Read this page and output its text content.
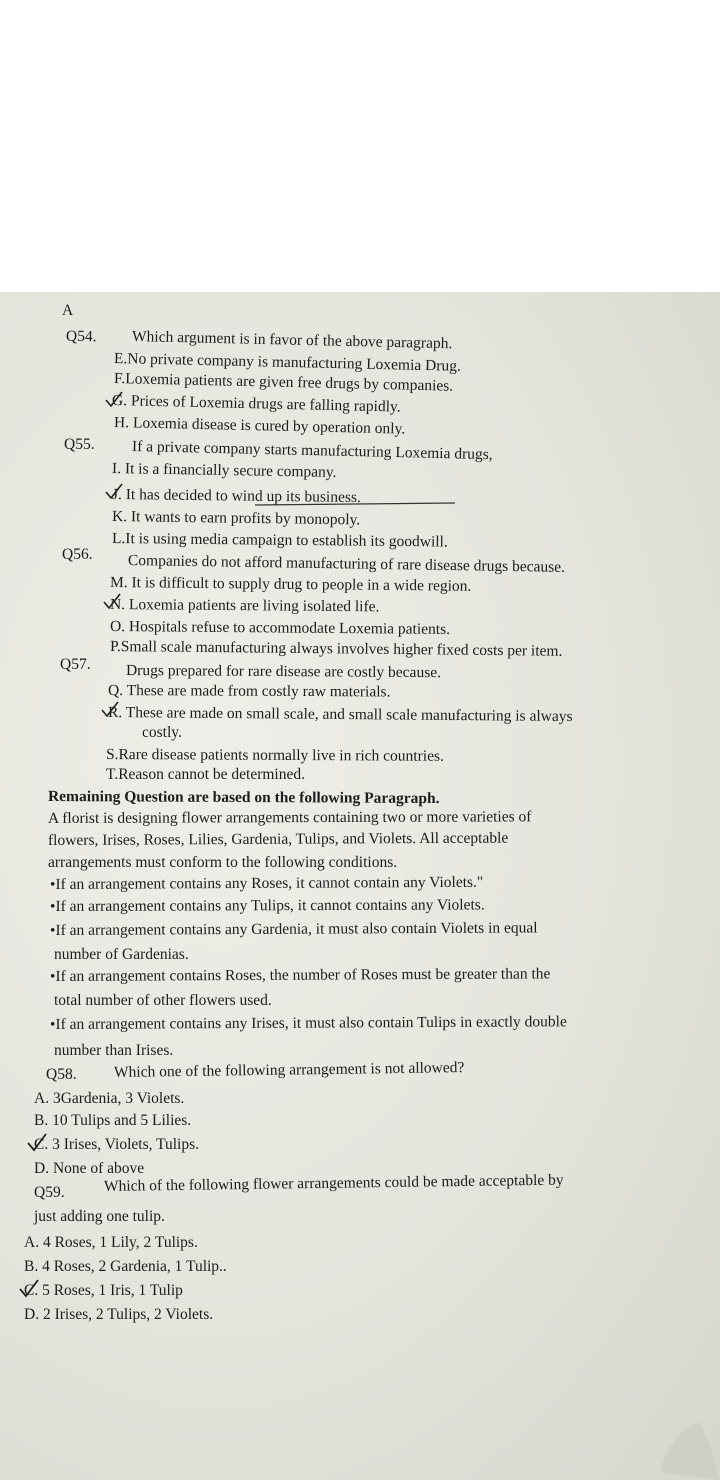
A
Q54. Which argument is in favor of the above paragraph.
E.No private company is manufacturing Loxemia Drug.
F.Loxemia patients are given free drugs by companies.
G. Prices of Loxemia drugs are falling rapidly.
H. Loxemia disease is cured by operation only.
Q55. If a private company starts manufacturing Loxemia drugs,
I. It is a financially secure company.
J. It has decided to wind up its business.
K. It wants to earn profits by monopoly.
L.It is using media campaign to establish its goodwill.
Q56. Companies do not afford manufacturing of rare disease drugs because.
M. It is difficult to supply drug to people in a wide region.
N. Loxemia patients are living isolated life.
O. Hospitals refuse to accommodate Loxemia patients.
P.Small scale manufacturing always involves higher fixed costs per item.
Q57. Drugs prepared for rare disease are costly because.
Q. These are made from costly raw materials.
R. These are made on small scale, and small scale manufacturing is always
costly.
S.Rare disease patients normally live in rich countries.
T.Reason cannot be determined.
Remaining Question are based on the following Paragraph.
A florist is designing flower arrangements containing two or more varieties of
flowers, Irises, Roses, Lilies, Gardenia, Tulips, and Violets. All acceptable
arrangements must conform to the following conditions.
•If an arrangement contains any Roses, it cannot contain any Violets."
•If an arrangement contains any Tulips, it cannot contains any Violets.
•If an arrangement contains any Gardenia, it must also contain Violets in equal
number of Gardenias.
•If an arrangement contains Roses, the number of Roses must be greater than the
total number of other flowers used.
•If an arrangement contains any Irises, it must also contain Tulips in exactly double
number than Irises.
Q58. Which one of the following arrangement is not allowed?
A. 3Gardenia, 3 Violets.
B. 10 Tulips and 5 Lilies.
C. 3 Irises, Violets, Tulips.
D. None of above
Q59.	Which of the following flower arrangements could be made acceptable by
just adding one tulip.
A. 4 Roses, 1 Lily, 2 Tulips.
B. 4 Roses, 2 Gardenia, 1 Tulip..
C. 5 Roses, 1 Iris, 1 Tulip
D. 2 Irises, 2 Tulips, 2 Violets.
